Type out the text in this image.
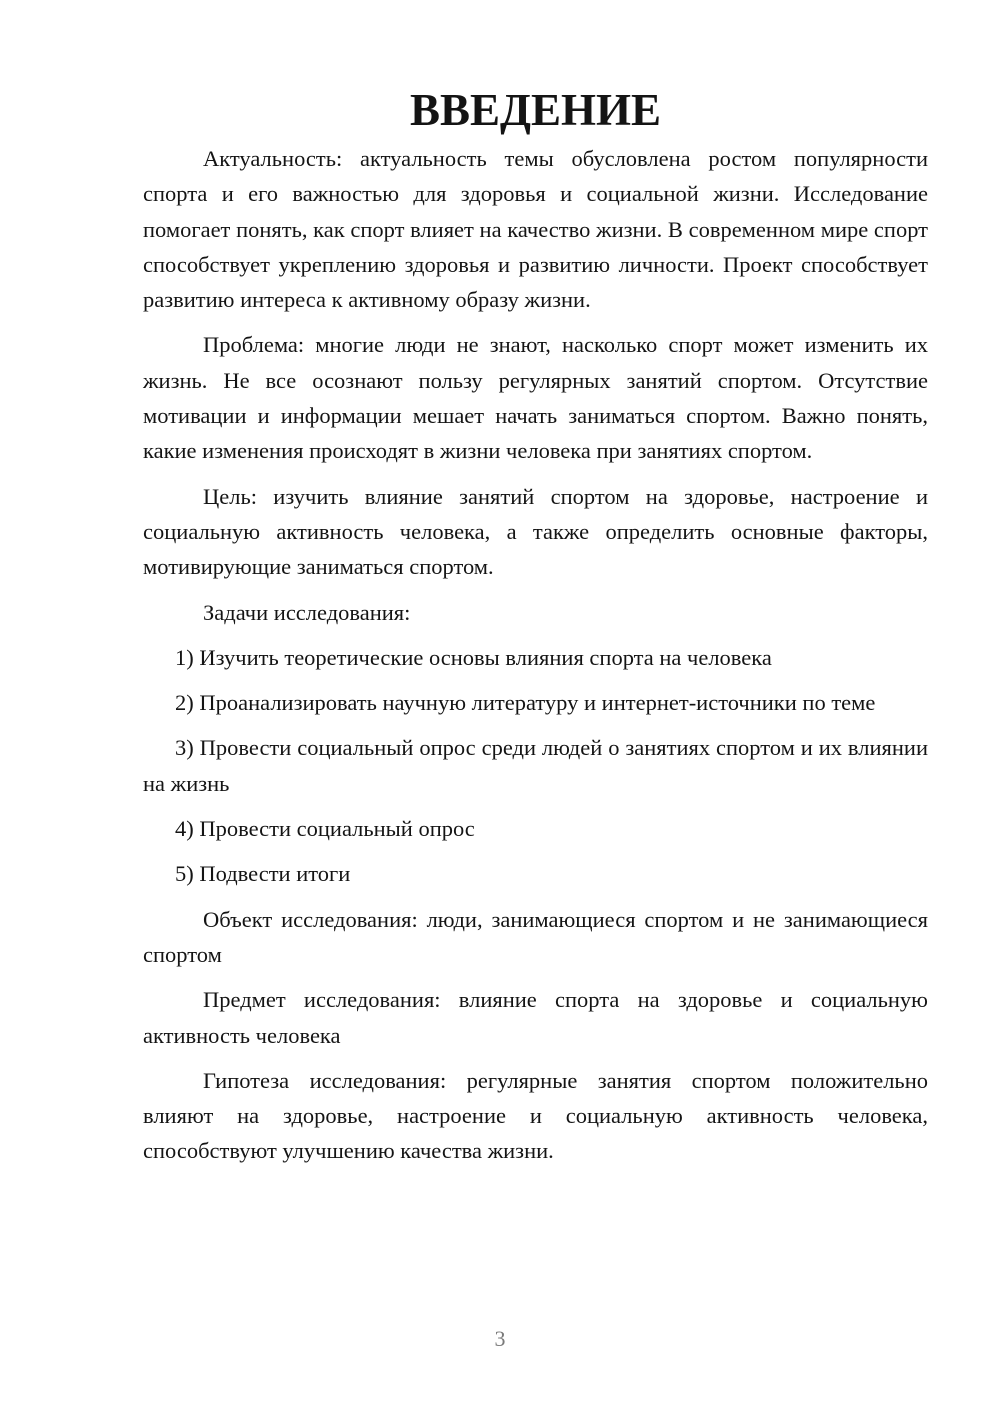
ВВЕДЕНИЕ

Актуальность: актуальность темы обусловлена ростом популярности спорта и его важностью для здоровья и социальной жизни. Исследование помогает понять, как спорт влияет на качество жизни. В современном мире спорт способствует укреплению здоровья и развитию личности. Проект способствует развитию интереса к активному образу жизни.

Проблема: многие люди не знают, насколько спорт может изменить их жизнь. Не все осознают пользу регулярных занятий спортом. Отсутствие мотивации и информации мешает начать заниматься спортом. Важно понять, какие изменения происходят в жизни человека при занятиях спортом.

Цель: изучить влияние занятий спортом на здоровье, настроение и социальную активность человека, а также определить основные факторы, мотивирующие заниматься спортом.

Задачи исследования:

1) Изучить теоретические основы влияния спорта на человека

2) Проанализировать научную литературу и интернет-источники по теме

3) Провести социальный опрос среди людей о занятиях спортом и их влиянии на жизнь

4) Провести социальный опрос

5) Подвести итоги

Объект исследования: люди, занимающиеся спортом и не занимающиеся спортом

Предмет исследования: влияние спорта на здоровье и социальную активность человека

Гипотеза исследования: регулярные занятия спортом положительно влияют на здоровье, настроение и социальную активность человека, способствуют улучшению качества жизни.

3
